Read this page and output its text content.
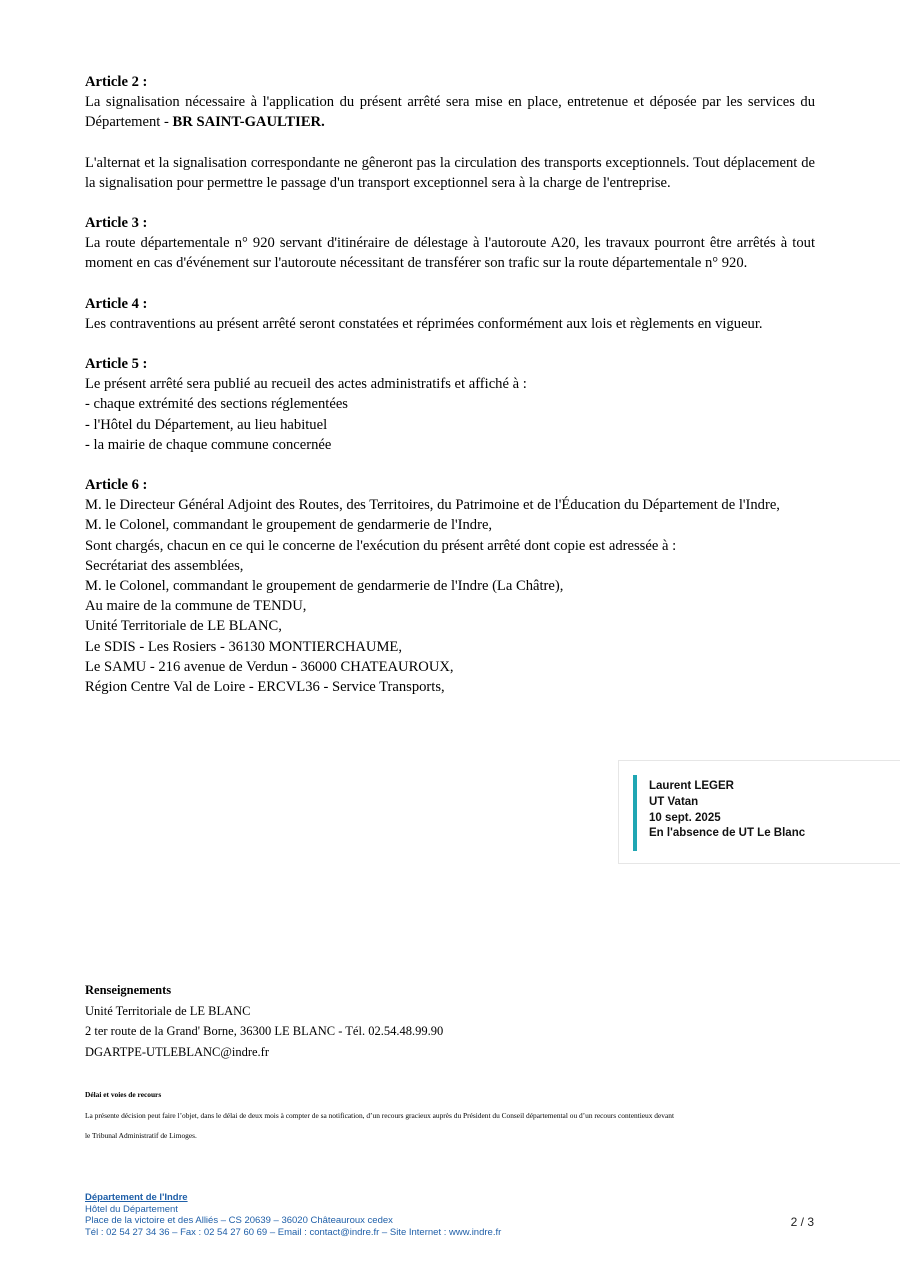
Article 2 :
La signalisation nécessaire à l'application du présent arrêté sera mise en place, entretenue et déposée par les services du Département - BR SAINT-GAULTIER.
L'alternat et la signalisation correspondante ne gêneront pas la circulation des transports exceptionnels. Tout déplacement de la signalisation pour permettre le passage d'un transport exceptionnel sera à la charge de l'entreprise.
Article 3 :
La route départementale n° 920 servant d'itinéraire de délestage à l'autoroute A20, les travaux pourront être arrêtés à tout moment en cas d'événement sur l'autoroute nécessitant de transférer son trafic sur la route départementale n° 920.
Article 4 :
Les contraventions au présent arrêté seront constatées et réprimées conformément aux lois et règlements en vigueur.
Article 5 :
Le présent arrêté sera publié au recueil des actes administratifs et affiché à :
- chaque extrémité des sections réglementées
- l'Hôtel du Département, au lieu habituel
- la mairie de chaque commune concernée
Article 6 :
M. le Directeur Général Adjoint des Routes, des Territoires, du Patrimoine et de l'Éducation du Département de l'Indre,
M. le Colonel, commandant le groupement de gendarmerie de l'Indre,
Sont chargés, chacun en ce qui le concerne de l'exécution du présent arrêté dont copie est adressée à :
Secrétariat des assemblées,
M. le Colonel, commandant le groupement de gendarmerie de l'Indre (La Châtre),
Au maire de la commune de TENDU,
Unité Territoriale de LE BLANC,
Le SDIS - Les Rosiers - 36130 MONTIERCHAUME,
Le SAMU - 216 avenue de Verdun - 36000 CHATEAUROUX,
Région Centre Val de Loire - ERCVL36 - Service Transports,
Laurent LEGER
UT Vatan
10 sept. 2025
En l'absence de UT Le Blanc
Renseignements
Unité Territoriale de LE BLANC
2 ter route de la Grand' Borne, 36300 LE BLANC - Tél. 02.54.48.99.90
DGARTPE-UTLEBLANC@indre.fr
Délai et voies de recours
La présente décision peut faire l’objet, dans le délai de deux mois à compter de sa notification, d’un recours gracieux auprès du Président du Conseil départemental ou d’un recours contentieux devant
le Tribunal Administratif de Limoges.
Département de l'Indre
Hôtel du Département
Place de la victoire et des Alliés – CS 20639 – 36020 Châteauroux cedex
Tél : 02 54 27 34 36 – Fax : 02 54 27 60 69 – Email : contact@indre.fr – Site Internet : www.indre.fr
2 / 3
